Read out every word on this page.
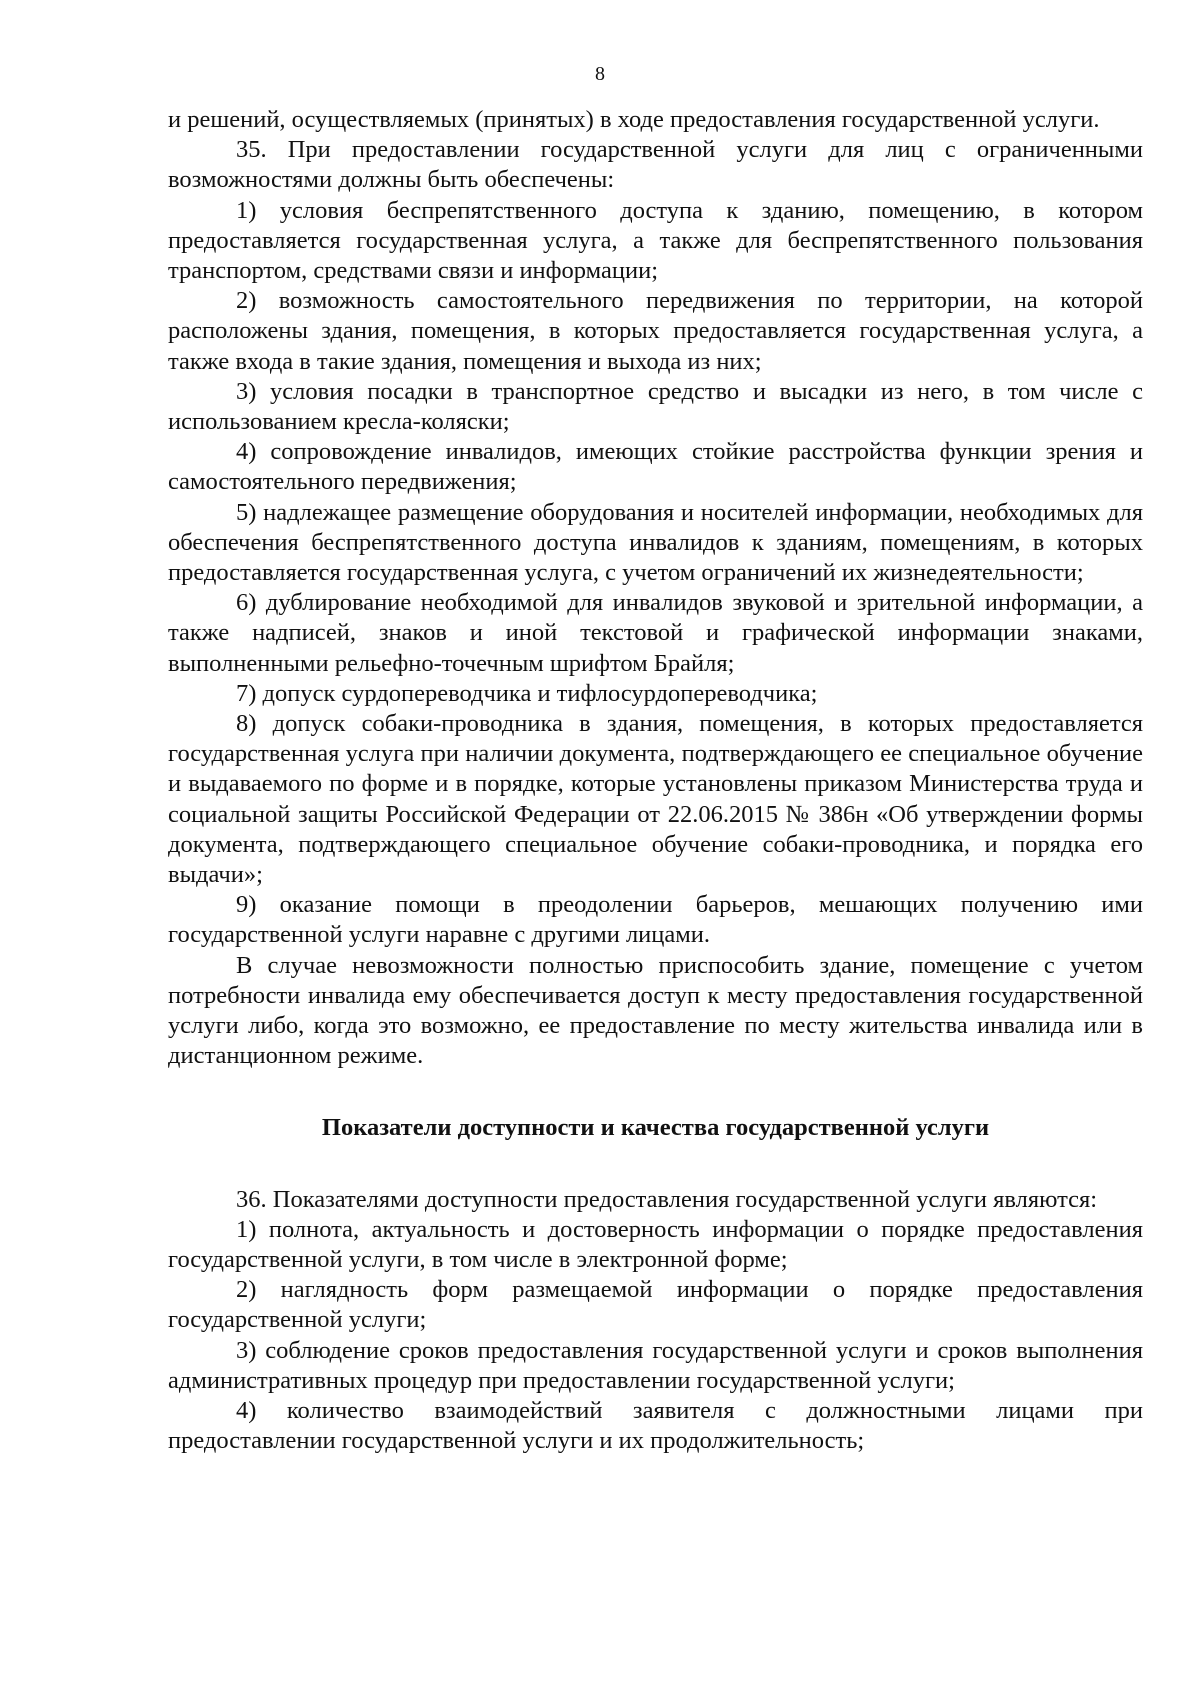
8

и решений, осуществляемых (принятых) в ходе предоставления государственной услуги.

35. При предоставлении государственной услуги для лиц с ограниченными возможностями должны быть обеспечены:

1) условия беспрепятственного доступа к зданию, помещению, в котором предоставляется государственная услуга, а также для беспрепятственного пользования транспортом, средствами связи и информации;

2) возможность самостоятельного передвижения по территории, на которой расположены здания, помещения, в которых предоставляется государственная услуга, а также входа в такие здания, помещения и выхода из них;

3) условия посадки в транспортное средство и высадки из него, в том числе с использованием кресла-коляски;

4) сопровождение инвалидов, имеющих стойкие расстройства функции зрения и самостоятельного передвижения;

5) надлежащее размещение оборудования и носителей информации, необходимых для обеспечения беспрепятственного доступа инвалидов к зданиям, помещениям, в которых предоставляется государственная услуга, с учетом ограничений их жизнедеятельности;

6) дублирование необходимой для инвалидов звуковой и зрительной информации, а также надписей, знаков и иной текстовой и графической информации знаками, выполненными рельефно-точечным шрифтом Брайля;

7) допуск сурдопереводчика и тифлосурдопереводчика;

8) допуск собаки-проводника в здания, помещения, в которых предоставляется государственная услуга при наличии документа, подтверждающего ее специальное обучение и выдаваемого по форме и в порядке, которые установлены приказом Министерства труда и социальной защиты Российской Федерации от 22.06.2015 № 386н «Об утверждении формы документа, подтверждающего специальное обучение собаки-проводника, и порядка его выдачи»;

9) оказание помощи в преодолении барьеров, мешающих получению ими государственной услуги наравне с другими лицами.

В случае невозможности полностью приспособить здание, помещение с учетом потребности инвалида ему обеспечивается доступ к месту предоставления государственной услуги либо, когда это возможно, ее предоставление по месту жительства инвалида или в дистанционном режиме.

Показатели доступности и качества государственной услуги

36. Показателями доступности предоставления государственной услуги являются:

1) полнота, актуальность и достоверность информации о порядке предоставления государственной услуги, в том числе в электронной форме;

2) наглядность форм размещаемой информации о порядке предоставления государственной услуги;

3) соблюдение сроков предоставления государственной услуги и сроков выполнения административных процедур при предоставлении государственной услуги;

4) количество взаимодействий заявителя с должностными лицами при предоставлении государственной услуги и их продолжительность;
